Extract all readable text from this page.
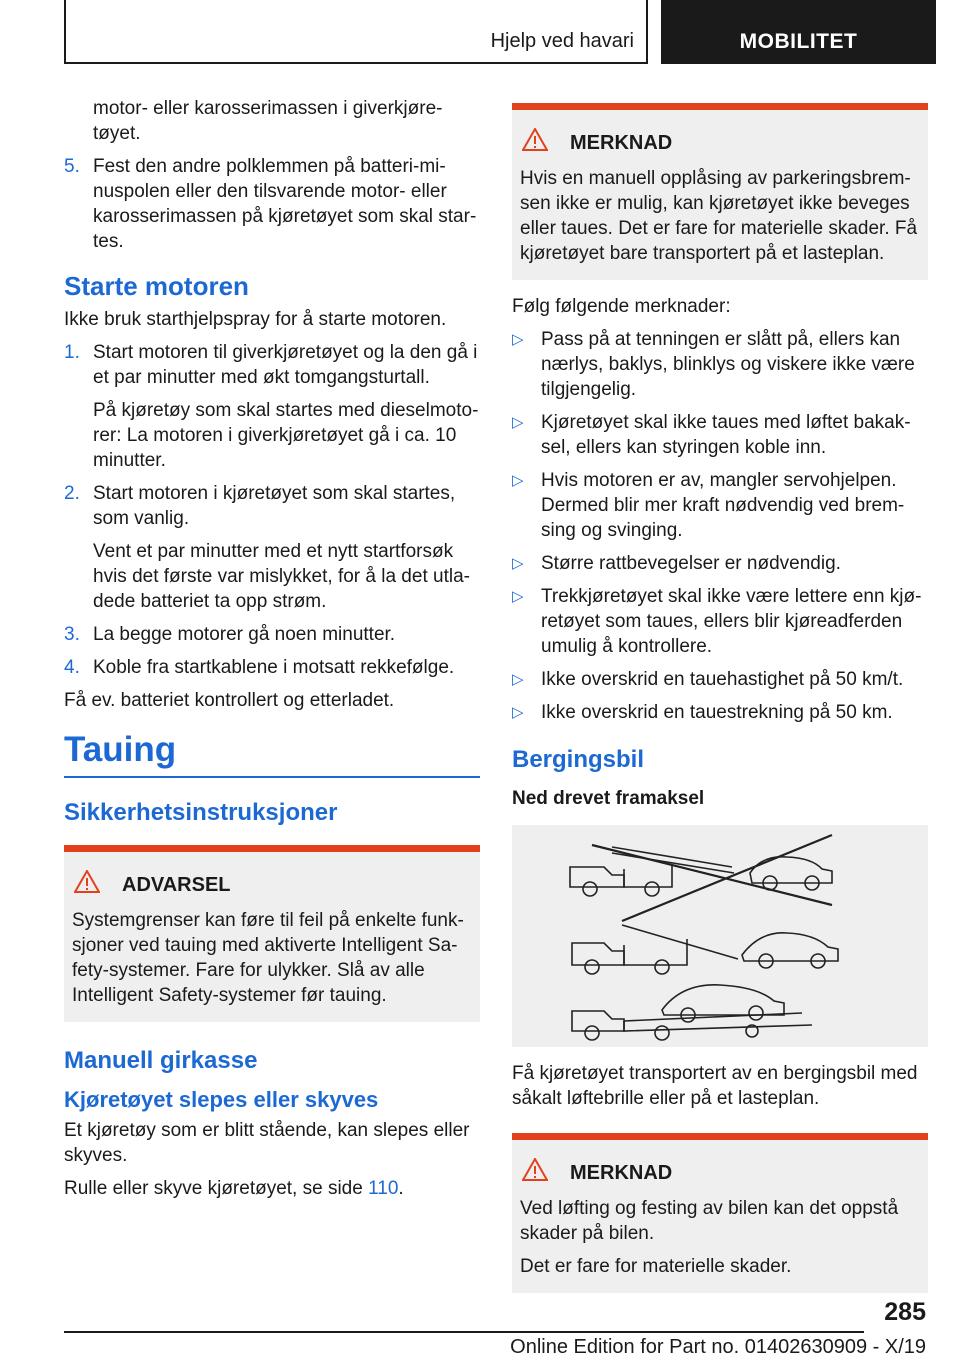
Hjelp ved havari	MOBILITET

motor- eller karosserimassen i giverkjøretøyet.

5. Fest den andre polklemmen på batteri-minuspolen eller den tilsvarende motor- eller karosserimassen på kjøretøyet som skal startes.
Starte motoren

Ikke bruk starthjelpspray for å starte motoren.

1. Start motoren til giverkjøretøyet og la den gå i et par minutter med økt tomgangsturtall.

På kjøretøy som skal startes med dieselmotorer: La motoren i giverkjøretøyet gå i ca. 10 minutter.

2. Start motoren i kjøretøyet som skal startes, som vanlig.

Vent et par minutter med et nytt startforsøk hvis det første var mislykket, for å la det utladede batteriet ta opp strøm.

3. La begge motorer gå noen minutter.
4. Koble fra startkablene i motsatt rekkefølge.

Få ev. batteriet kontrollert og etterladet.

Tauing
Sikkerhetsinstruksjoner
ADVARSEL
Systemgrenser kan føre til feil på enkelte funksjoner ved tauing med aktiverte Intelligent Safety-systemer. Fare for ulykker. Slå av alle Intelligent Safety-systemer før tauing.
Manuell girkasse
Kjøretøyet slepes eller skyves

Et kjøretøy som er blitt stående, kan slepes eller skyves.

Rulle eller skyve kjøretøyet, se side 110.

MERKNAD
Hvis en manuell opplåsing av parkeringsbremsen ikke er mulig, kan kjøretøyet ikke beveges eller taues. Det er fare for materielle skader. Få kjøretøyet bare transportert på et lasteplan.

Følg følgende merknader:

▷ Pass på at tenningen er slått på, ellers kan nærlys, baklys, blinklys og viskere ikke være tilgjengelig.
▷ Kjøretøyet skal ikke taues med løftet bakaksel, ellers kan styringen koble inn.
▷ Hvis motoren er av, mangler servohjelpen. Dermed blir mer kraft nødvendig ved bremsing og svinging.
▷ Større rattbevegelser er nødvendig.
▷ Trekkjøretøyet skal ikke være lettere enn kjøretøyet som taues, ellers blir kjøreadferden umulig å kontrollere.
▷ Ikke overskrid en tauehastighet på 50 km/t.
▷ Ikke overskrid en tauestrekning på 50 km.
Bergingsbil
Ned drevet framaksel

Få kjøretøyet transportert av en bergingsbil med såkalt løftebrille eller på et lasteplan.

MERKNAD

Ved løfting og festing av bilen kan det oppstå skader på bilen.

Det er fare for materielle skader.
285
Online Edition for Part no. 01402630909 - X/19
